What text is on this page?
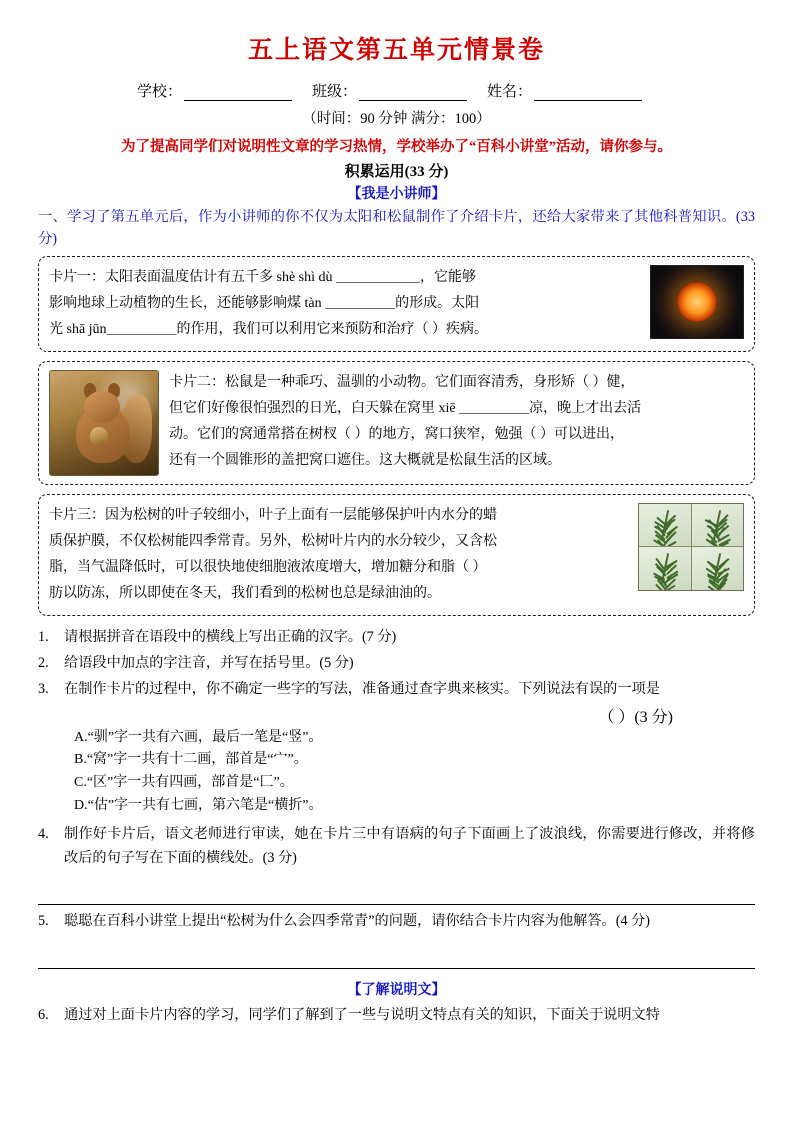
五上语文第五单元情景卷
学校：	班级：	姓名：
（时间：90 分钟 满分：100）
为了提高同学们对说明性文章的学习热情，学校举办了“百科小讲堂”活动，请你参与。
积累运用(33 分)
【我是小讲师】
一、学习了第五单元后，作为小讲师的你不仅为太阳和松鼠制作了介绍卡片，还给大家带来了其他科普知识。(33 分)
卡片一：太阳表面温度估计有五千多 shè shì dù ＿＿＿＿＿＿，它能够
影响地球上动植物的生长，还能够影响煤 tàn ＿＿＿＿＿的形成。太阳
光 shā jūn＿＿＿＿＿的作用，我们可以利用它来预防和治疗（ ）疾病。
卡片二：松鼠是一种乖巧、温驯的小动物。它们面容清秀，身形矫（ ）健，
但它们好像很怕强烈的日光，白天躲在窝里 xiē ＿＿＿＿＿凉，晚上才出去活
动。它们的窝通常搭在树杈（ ）的地方，窝口狭窄，勉强（ ）可以进出，
还有一个圆锥形的盖把窝口遮住。这大概就是松鼠生活的区域。
卡片三：因为松树的叶子较细小，叶子上面有一层能够保护叶内水分的蜡
质保护膜，不仅松树能四季常青。另外，松树叶片内的水分较少，又含松
脂，当气温降低时，可以很快地使细胞液浓度增大，增加糖分和脂（ ）
肪以防冻，所以即使在冬天，我们看到的松树也总是绿油油的。
1.	请根据拼音在语段中的横线上写出正确的汉字。(7 分)
2.	给语段中加点的字注音，并写在括号里。(5 分)
3.	在制作卡片的过程中，你不确定一些字的写法，准备通过查字典来核实。下列说法有误的一项是
（ ）(3 分)
A.“驯”字一共有六画，最后一笔是“竖”。
B.“窝”字一共有十二画，部首是“宀”。
C.“区”字一共有四画，部首是“匚”。
D.“估”字一共有七画，第六笔是“横折”。
4.	制作好卡片后，语文老师进行审读，她在卡片三中有语病的句子下面画上了波浪线，你需要进行修改，并将修改后的句子写在下面的横线处。(3 分)
5.	聪聪在百科小讲堂上提出“松树为什么会四季常青”的问题，请你结合卡片内容为他解答。(4 分)
【了解说明文】
6.	通过对上面卡片内容的学习，同学们了解到了一些与说明文特点有关的知识，下面关于说明文特
